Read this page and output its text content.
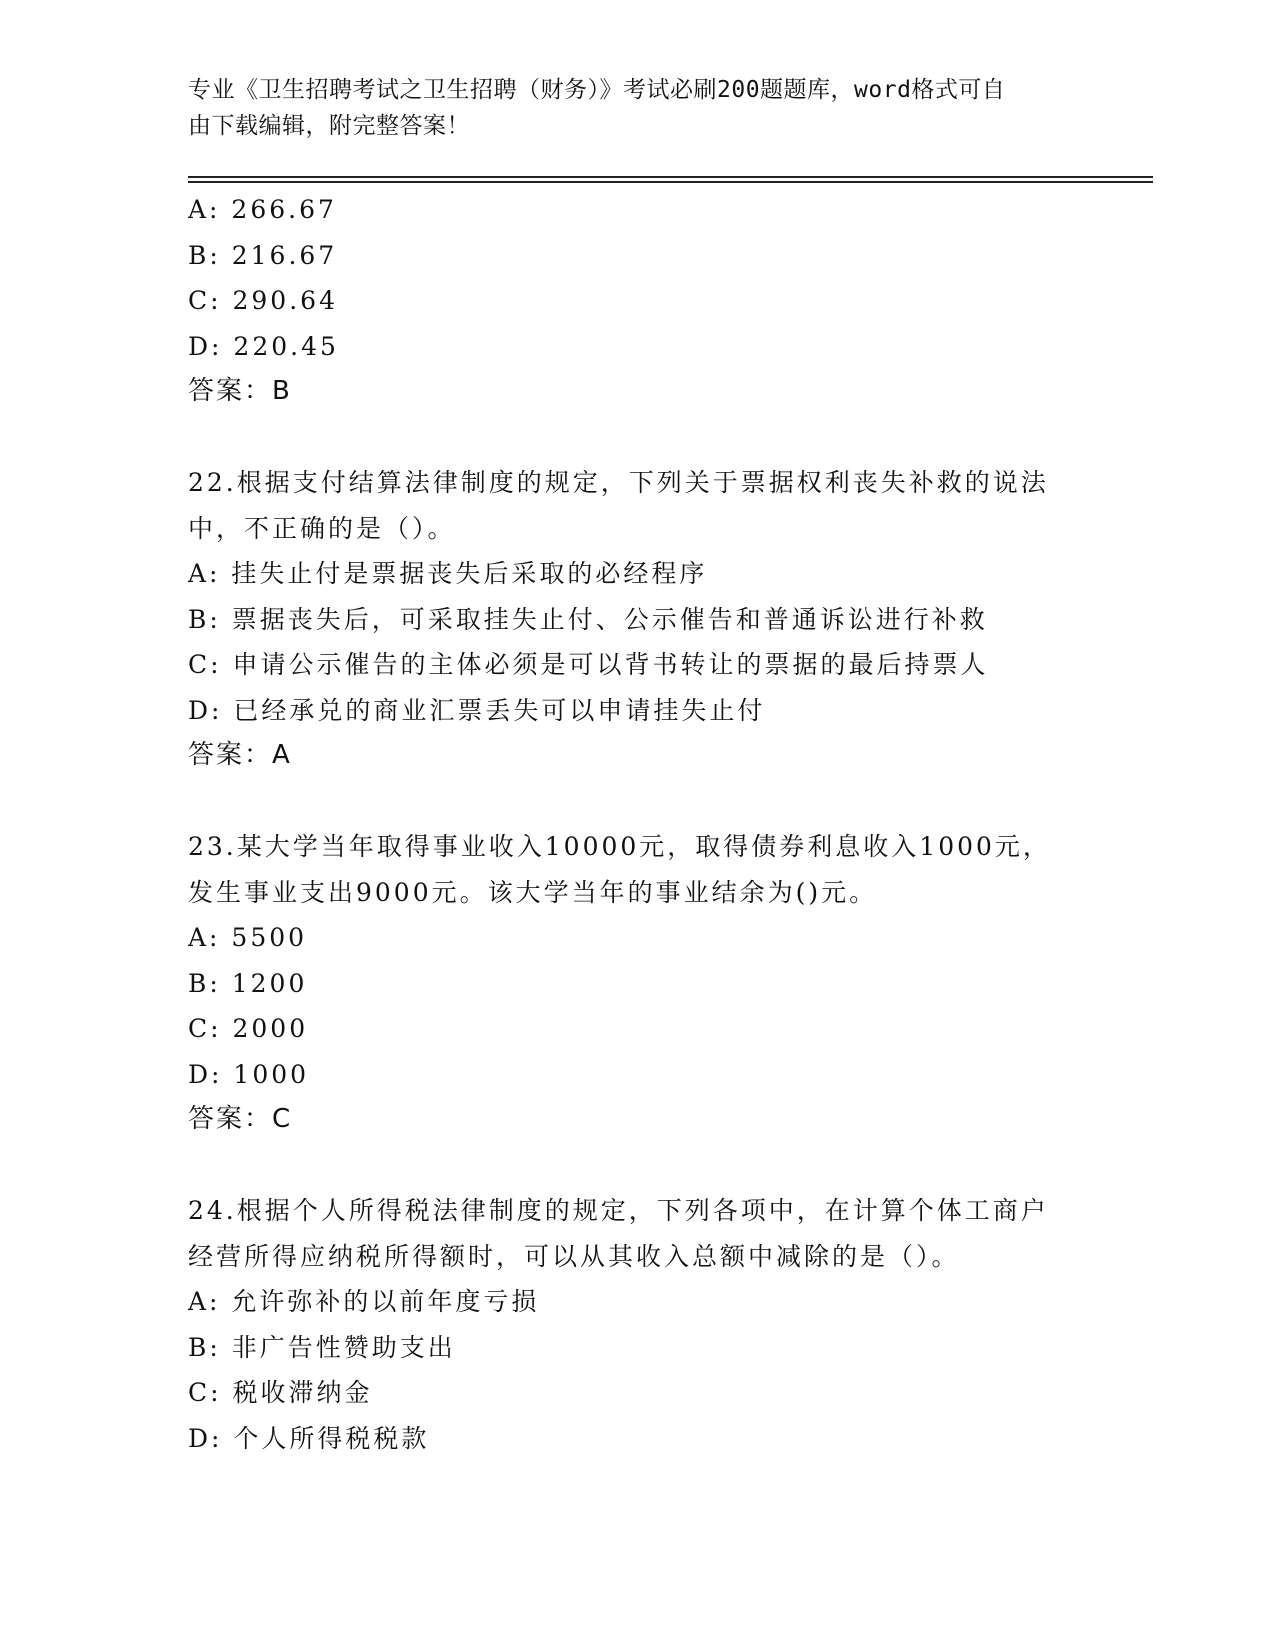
专业《卫生招聘考试之卫生招聘（财务）》考试必刷200题题库，word格式可自
由下载编辑，附完整答案！
A: 266.67
B: 216.67
C: 290.64
D: 220.45
答案：B
22.根据支付结算法律制度的规定，下列关于票据权利丧失补救的说法
中，不正确的是（）。
A: 挂失止付是票据丧失后采取的必经程序
B: 票据丧失后，可采取挂失止付、公示催告和普通诉讼进行补救
C: 申请公示催告的主体必须是可以背书转让的票据的最后持票人
D: 已经承兑的商业汇票丢失可以申请挂失止付
答案：A
23.某大学当年取得事业收入10000元，取得债券利息收入1000元，
发生事业支出9000元。该大学当年的事业结余为()元。
A: 5500
B: 1200
C: 2000
D: 1000
答案：C
24.根据个人所得税法律制度的规定，下列各项中，在计算个体工商户
经营所得应纳税所得额时，可以从其收入总额中减除的是（）。
A: 允许弥补的以前年度亏损
B: 非广告性赞助支出
C: 税收滞纳金
D: 个人所得税税款
